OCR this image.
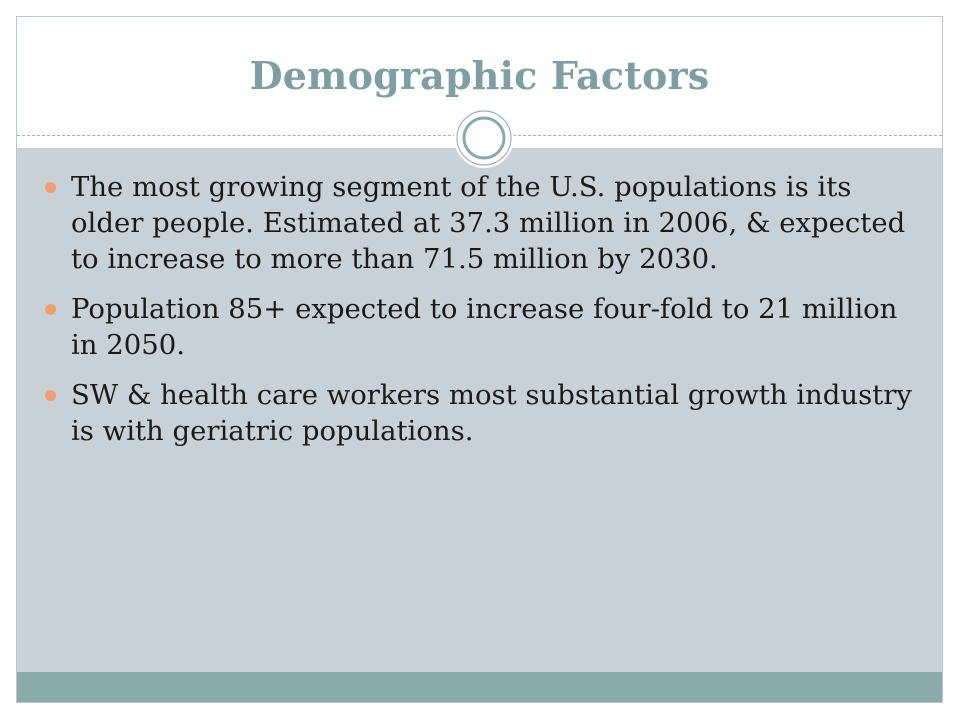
Demographic Factors
The most growing segment of the U.S. populations is its older people. Estimated at 37.3 million in 2006, & expected to increase to more than 71.5 million by 2030.
Population 85+ expected to increase four-fold to 21 million in 2050.
SW & health care workers most substantial growth industry is with geriatric populations.
